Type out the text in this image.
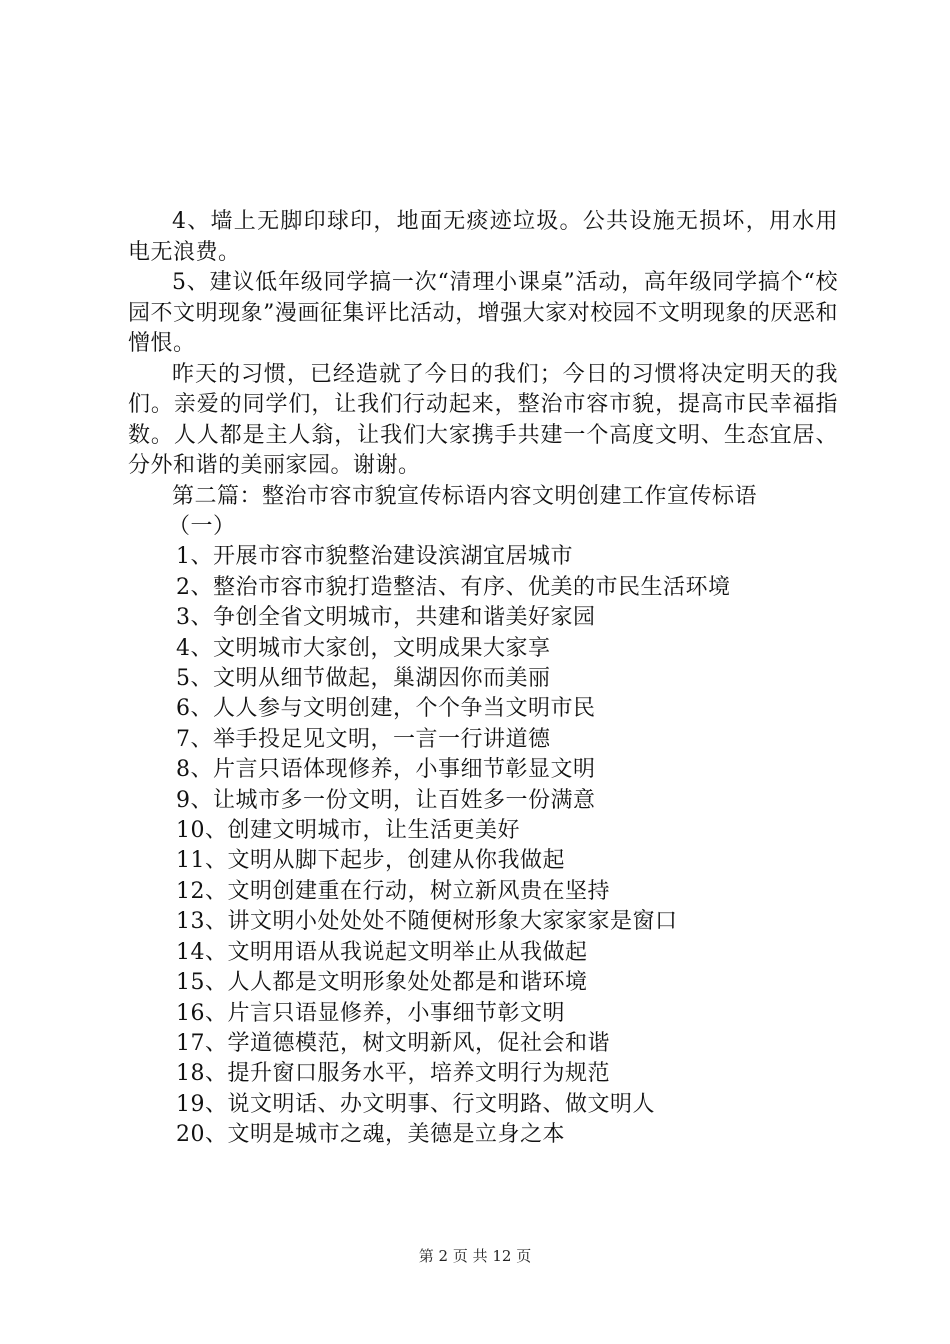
4、墙上无脚印球印，地面无痰迹垃圾。公共设施无损坏，用水用电无浪费。

5、建议低年级同学搞一次“清理小课桌”活动，高年级同学搞个“校园不文明现象”漫画征集评比活动，增强大家对校园不文明现象的厌恶和憎恨。

昨天的习惯，已经造就了今日的我们；今日的习惯将决定明天的我们。亲爱的同学们，让我们行动起来，整治市容市貌，提高市民幸福指数。人人都是主人翁，让我们大家携手共建一个高度文明、生态宜居、分外和谐的美丽家园。谢谢。

第二篇：整治市容市貌宣传标语内容文明创建工作宣传标语

（一）

1、开展市容市貌整治建设滨湖宜居城市

2、整治市容市貌打造整洁、有序、优美的市民生活环境

3、争创全省文明城市，共建和谐美好家园

4、文明城市大家创，文明成果大家享

5、文明从细节做起，巢湖因你而美丽

6、人人参与文明创建，个个争当文明市民

7、举手投足见文明，一言一行讲道德

8、片言只语体现修养，小事细节彰显文明

9、让城市多一份文明，让百姓多一份满意

10、创建文明城市，让生活更美好

11、文明从脚下起步，创建从你我做起

12、文明创建重在行动，树立新风贵在坚持

13、讲文明小处处处不随便树形象大家家家是窗口

14、文明用语从我说起文明举止从我做起

15、人人都是文明形象处处都是和谐环境

16、片言只语显修养，小事细节彰文明

17、学道德模范，树文明新风，促社会和谐

18、提升窗口服务水平，培养文明行为规范

19、说文明话、办文明事、行文明路、做文明人

20、文明是城市之魂，美德是立身之本

第 2 页 共 12 页
